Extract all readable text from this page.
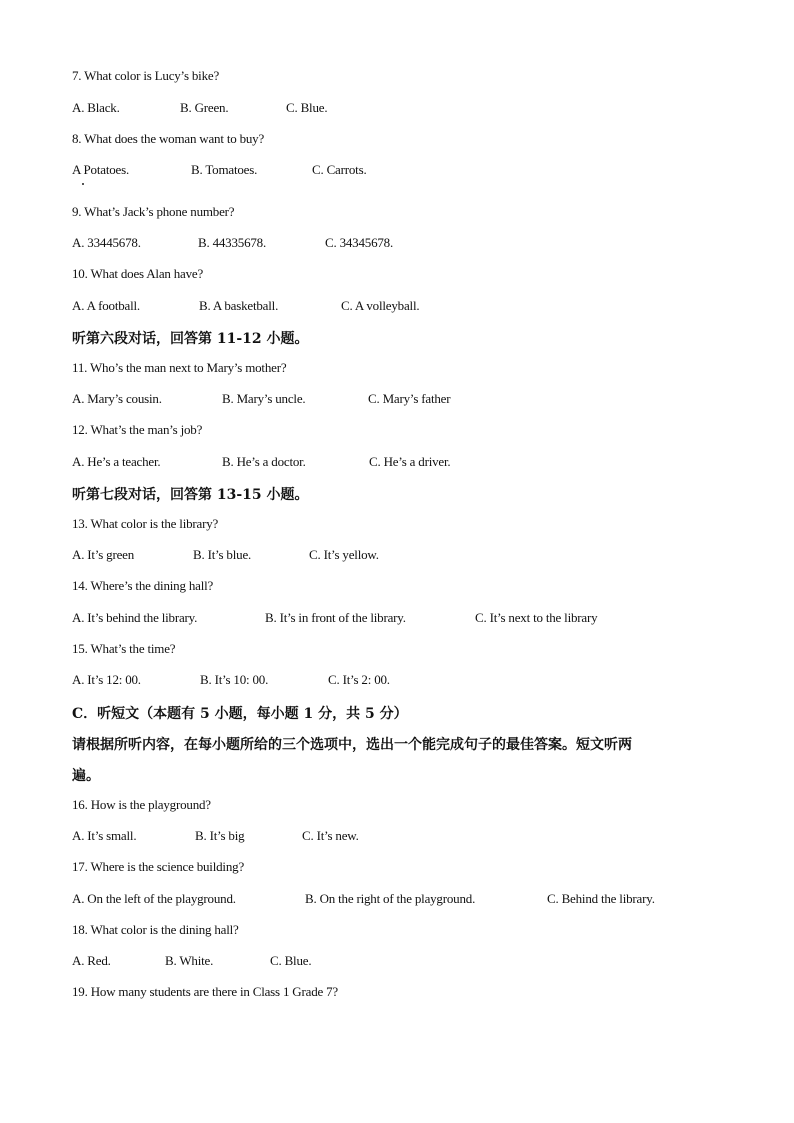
7. What color is Lucy’s bike?
A. Black.	B. Green.	C. Blue.
8. What does the woman want to buy?
A Potatoes.	B. Tomatoes.	C. Carrots.
9. What’s Jack’s phone number?
A. 33445678.	B. 44335678.	C. 34345678.
10. What does Alan have?
A. A football.	B. A basketball.	C. A volleyball.
听第六段对话，回答第 11-12 小题。
11. Who’s the man next to Mary’s mother?
A. Mary’s cousin.	B. Mary’s uncle.	C. Mary’s father
12. What’s the man’s job?
A. He’s a teacher.	B. He’s a doctor.	C. He’s a driver.
听第七段对话，回答第 13-15 小题。
13. What color is the library?
A. It’s green	B. It’s blue.	C. It’s yellow.
14. Where’s the dining hall?
A. It’s behind the library.	B. It’s in front of the library.	C. It’s next to the library
15. What’s the time?
A. It’s 12: 00.	B. It’s 10: 00.	C. It’s 2: 00.
C．听短文（本题有 5 小题，每小题 1 分，共 5 分）
请根据所听内容，在每小题所给的三个选项中，选出一个能完成句子的最佳答案。短文听两
遍。
16. How is the playground?
A. It’s small.	B. It’s big	C. It’s new.
17. Where is the science building?
A. On the left of the playground.	B. On the right of the playground.	C. Behind the library.
18. What color is the dining hall?
A. Red.	B. White.	C. Blue.
19. How many students are there in Class 1 Grade 7?
